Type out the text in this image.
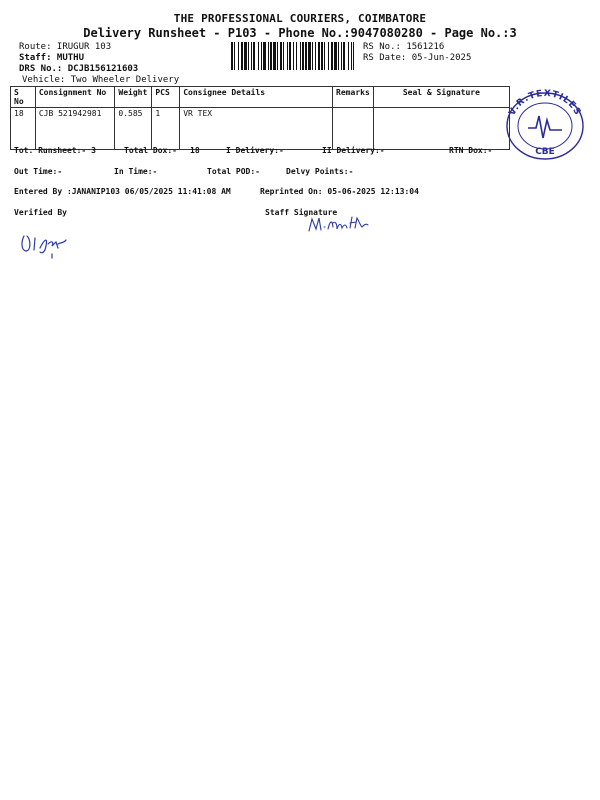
THE PROFESSIONAL COURIERS, COIMBATORE
Delivery Runsheet - P103 - Phone No.:9047080280 - Page No.:3
Route: IRUGUR 103
Staff: MUTHU
DRS No.: DCJB156121603
Vehicle: Two Wheeler Delivery
RS No.: 1561216
RS Date: 05-Jun-2025
S No	Consignment No	Weight	PCS	Consignee Details	Remarks	Seal & Signature
18	CJB 521942981	0.585	1	VR TEX			V.R.TEXTILES
CBE
Tot. Runsheet:- 3	Total Dox:- 18	I Delivery:-	II Delivery:-	RTN Dox:-
Out Time:-	In Time:-	Total POD:-	Delvy Points:-
Entered By :JANANIP103 06/05/2025 11:41:08 AM	Reprinted On: 05-06-2025 12:13:04
Verified By	Staff Signature
